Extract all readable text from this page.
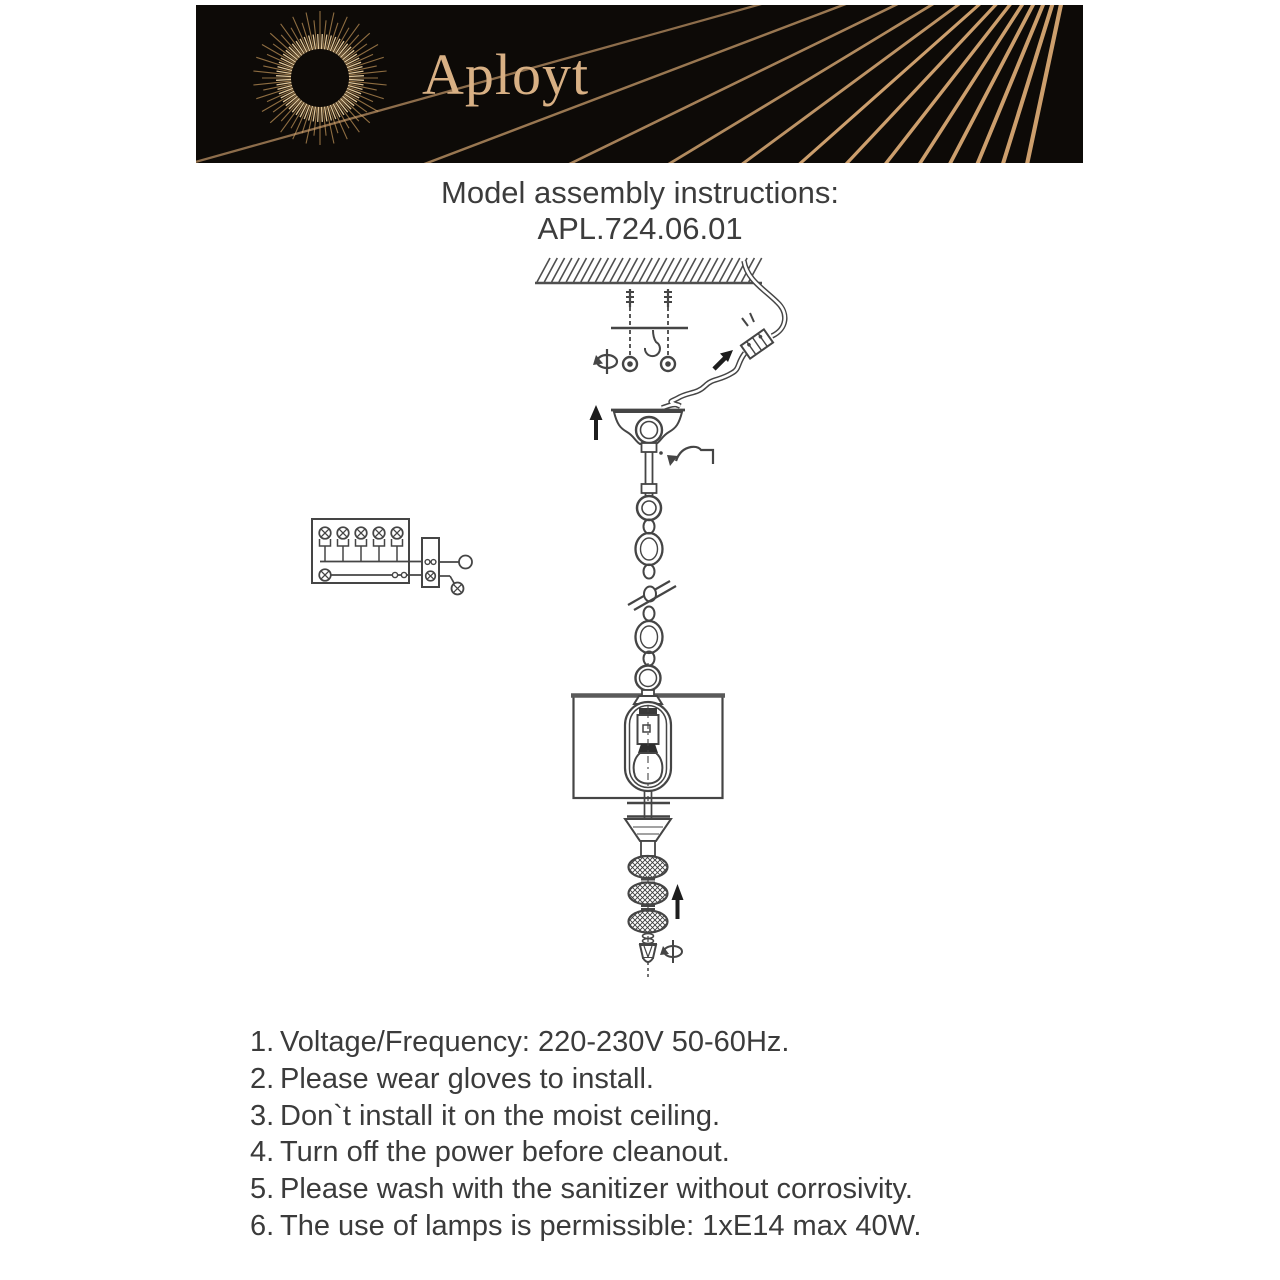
Aployt
Model assembly instructions:
APL.724.06.01
1. Voltage/Frequency: 220-230V 50-60Hz.
2. Please wear gloves to install.
3. Don`t install it on the moist ceiling.
4. Turn off the power before cleanout.
5. Please wash with the sanitizer without corrosivity.
6. The use of lamps is permissible: 1xE14 max 40W.
